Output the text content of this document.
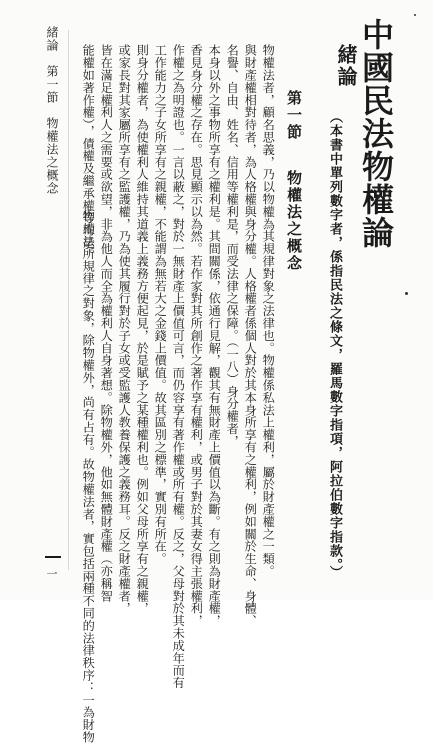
中國民法物權論
緒論
（本書中單列數字者，係指民法之條文，羅馬數字指項，阿拉伯數字指款。）
第一節
物權法之概念
物權法者，顧名思義，乃以物權為其規律對象之法律也。物權係私法上權利，屬於財產權之一類。
與財產權相對待者，為人格權與身分權。人格權者係個人對於其本身所享有之權利，例如關於生命、身體、
名譽、自由、姓名、信用等權利是，而受法律之保障。（一八）身分權者，
本身以外之事物所享有之權利是。其間關係，依通行見解，觀其有無財產上價值以為斷。有之則為財產權，
香見身分權之存在。思見顯示以為然。若作家對其所創作之著作享有權利，或男子對於其妻女得主張權利，
作權之為明證也。一言以蔽之，對於一無財產上價值可言，而仍容享有著作權或所有權。反之，父母對於其未成年而有
工作能力之子女所享有之親權，不能謂為無若大之金錢上價值。故其區別之標準，實別有所在。
則身分權者，為使權利人維持其道義上義務方便起見，於是賦予之某種權利也。例如父母所享有之親權，
或家長對其家屬所享有之監護權，乃為使其履行對於子女或受監護人教養保護之義務耳。反之財產權者，
皆在滿足權利人之需要或欲望，非為他人而全為權利人自身著想。除物權外，他如無體財產權（亦稱智
能權如著作權），債權及繼承權等均是。
物權法所規律之對象，除物權外，尚有占有。故物權法者，實包括兩種不同的法律秩序：一為財物
緒論　第一節　物權法之概念
一
